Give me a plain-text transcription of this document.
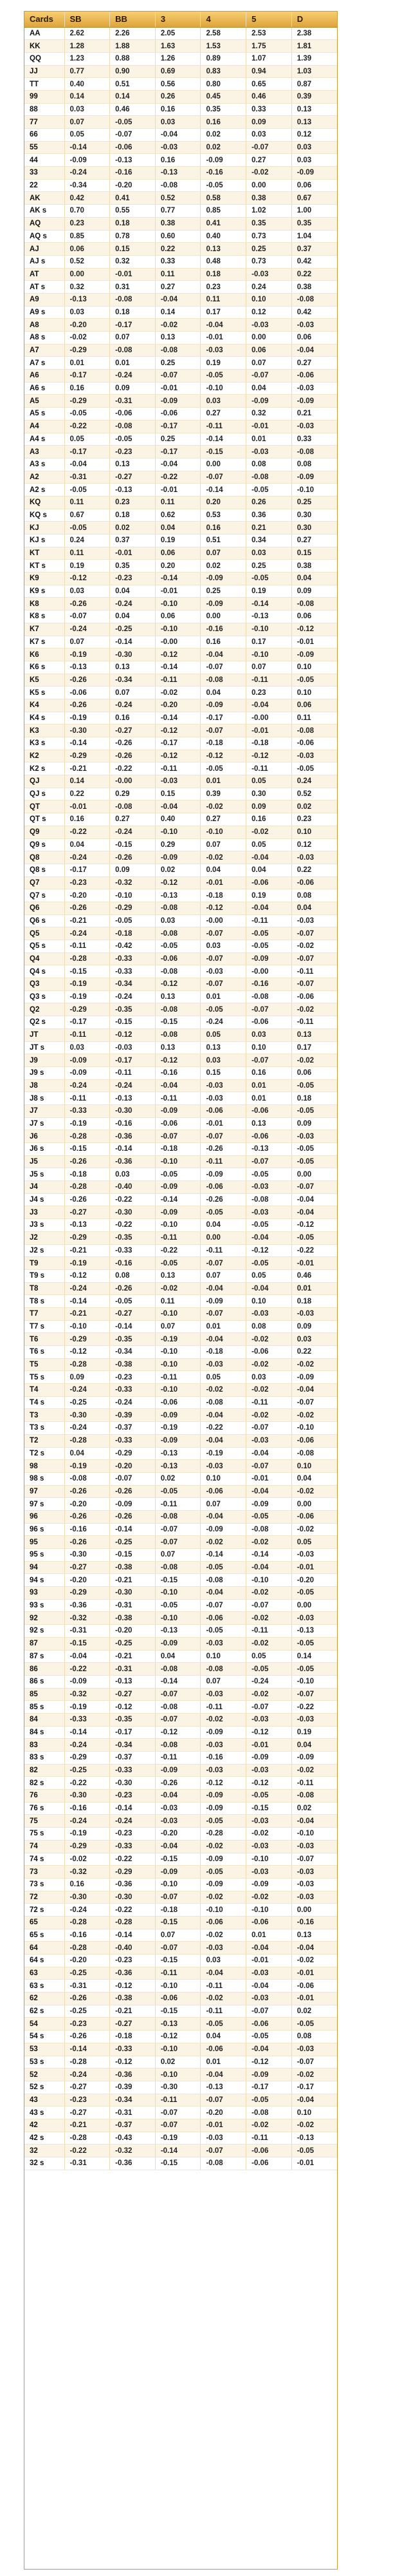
Cards	SB	BB	3	4	5	D
AA	2.62	2.26	2.05	2.58	2.53	2.38
KK	1.28	1.88	1.63	1.53	1.75	1.81
QQ	1.23	0.88	1.26	0.89	1.07	1.39
JJ	0.77	0.90	0.69	0.83	0.94	1.03
TT	0.40	0.51	0.56	0.80	0.65	0.87
99	0.14	0.14	0.26	0.45	0.46	0.39
88	0.03	0.46	0.16	0.35	0.33	0.13
77	0.07	-0.05	0.03	0.16	0.09	0.13
66	0.05	-0.07	-0.04	0.02	0.03	0.12
55	-0.14	-0.06	-0.03	0.02	-0.07	0.03
44	-0.09	-0.13	0.16	-0.09	0.27	0.03
33	-0.24	-0.16	-0.13	-0.16	-0.02	-0.09
22	-0.34	-0.20	-0.08	-0.05	0.00	0.06
AK	0.42	0.41	0.52	0.58	0.38	0.67
AK s	0.70	0.55	0.77	0.85	1.02	1.00
AQ	0.23	0.18	0.38	0.41	0.35	0.35
AQ s	0.85	0.78	0.60	0.40	0.73	1.04
AJ	0.06	0.15	0.22	0.13	0.25	0.37
AJ s	0.52	0.32	0.33	0.48	0.73	0.42
AT	0.00	-0.01	0.11	0.18	-0.03	0.22
AT s	0.32	0.31	0.27	0.23	0.24	0.38
A9	-0.13	-0.08	-0.04	0.11	0.10	-0.08
A9 s	0.03	0.18	0.14	0.17	0.12	0.42
A8	-0.20	-0.17	-0.02	-0.04	-0.03	-0.03
A8 s	-0.02	0.07	0.13	-0.01	0.00	0.06
A7	-0.29	-0.08	-0.08	-0.03	0.06	-0.04
A7 s	0.01	0.01	0.25	0.19	0.07	0.27
A6	-0.17	-0.24	-0.07	-0.05	-0.07	-0.06
A6 s	0.16	0.09	-0.01	-0.10	0.04	-0.03
A5	-0.29	-0.31	-0.09	0.03	-0.09	-0.09
A5 s	-0.05	-0.06	-0.06	0.27	0.32	0.21
A4	-0.22	-0.08	-0.17	-0.11	-0.01	-0.03
A4 s	0.05	-0.05	0.25	-0.14	0.01	0.33
A3	-0.17	-0.23	-0.17	-0.15	-0.03	-0.08
A3 s	-0.04	0.13	-0.04	0.00	0.08	0.08
A2	-0.31	-0.27	-0.22	-0.07	-0.08	-0.09
A2 s	-0.05	-0.13	-0.01	-0.14	-0.05	-0.10
KQ	0.11	0.23	0.11	0.20	0.26	0.25
KQ s	0.67	0.18	0.62	0.53	0.36	0.30
KJ	-0.05	0.02	0.04	0.16	0.21	0.30
KJ s	0.24	0.37	0.19	0.51	0.34	0.27
KT	0.11	-0.01	0.06	0.07	0.03	0.15
KT s	0.19	0.35	0.20	0.02	0.25	0.38
K9	-0.12	-0.23	-0.14	-0.09	-0.05	0.04
K9 s	0.03	0.04	-0.01	0.25	0.19	0.09
K8	-0.26	-0.24	-0.10	-0.09	-0.14	-0.08
K8 s	-0.07	0.04	0.06	0.00	-0.13	0.06
K7	-0.24	-0.25	-0.10	-0.16	-0.10	-0.12
K7 s	0.07	-0.14	-0.00	0.16	0.17	-0.01
K6	-0.19	-0.30	-0.12	-0.04	-0.10	-0.09
K6 s	-0.13	0.13	-0.14	-0.07	0.07	0.10
K5	-0.26	-0.34	-0.11	-0.08	-0.11	-0.05
K5 s	-0.06	0.07	-0.02	0.04	0.23	0.10
K4	-0.26	-0.24	-0.20	-0.09	-0.04	0.06
K4 s	-0.19	0.16	-0.14	-0.17	-0.00	0.11
K3	-0.30	-0.27	-0.12	-0.07	-0.01	-0.08
K3 s	-0.14	-0.26	-0.17	-0.18	-0.18	-0.06
K2	-0.29	-0.26	-0.12	-0.12	-0.12	-0.03
K2 s	-0.21	-0.22	-0.11	-0.05	-0.11	-0.05
QJ	0.14	-0.00	-0.03	0.01	0.05	0.24
QJ s	0.22	0.29	0.15	0.39	0.30	0.52
QT	-0.01	-0.08	-0.04	-0.02	0.09	0.02
QT s	0.16	0.27	0.40	0.27	0.16	0.23
Q9	-0.22	-0.24	-0.10	-0.10	-0.02	0.10
Q9 s	0.04	-0.15	0.29	0.07	0.05	0.12
Q8	-0.24	-0.26	-0.09	-0.02	-0.04	-0.03
Q8 s	-0.17	0.09	0.02	0.04	0.04	0.22
Q7	-0.23	-0.32	-0.12	-0.01	-0.06	-0.06
Q7 s	-0.20	-0.10	-0.13	-0.18	0.19	0.08
Q6	-0.26	-0.29	-0.08	-0.12	-0.04	0.04
Q6 s	-0.21	-0.05	0.03	-0.00	-0.11	-0.03
Q5	-0.24	-0.18	-0.08	-0.07	-0.05	-0.07
Q5 s	-0.11	-0.42	-0.05	0.03	-0.05	-0.02
Q4	-0.28	-0.33	-0.06	-0.07	-0.09	-0.07
Q4 s	-0.15	-0.33	-0.08	-0.03	-0.00	-0.11
Q3	-0.19	-0.34	-0.12	-0.07	-0.16	-0.07
Q3 s	-0.19	-0.24	0.13	0.01	-0.08	-0.06
Q2	-0.29	-0.35	-0.08	-0.05	-0.07	-0.02
Q2 s	-0.17	-0.15	-0.15	-0.24	-0.06	-0.11
JT	-0.11	-0.12	-0.08	0.05	0.03	0.13
JT s	0.03	-0.03	0.13	0.13	0.10	0.17
J9	-0.09	-0.17	-0.12	0.03	-0.07	-0.02
J9 s	-0.09	-0.11	-0.16	0.15	0.16	0.06
J8	-0.24	-0.24	-0.04	-0.03	0.01	-0.05
J8 s	-0.11	-0.13	-0.11	-0.03	0.01	0.18
J7	-0.33	-0.30	-0.09	-0.06	-0.06	-0.05
J7 s	-0.19	-0.16	-0.06	-0.01	0.13	0.09
J6	-0.28	-0.36	-0.07	-0.07	-0.06	-0.03
J6 s	-0.15	-0.14	-0.18	-0.26	-0.13	-0.05
J5	-0.26	-0.36	-0.10	-0.11	-0.07	-0.05
J5 s	-0.18	0.03	-0.05	-0.09	-0.05	0.00
J4	-0.28	-0.40	-0.09	-0.06	-0.03	-0.07
J4 s	-0.26	-0.22	-0.14	-0.26	-0.08	-0.04
J3	-0.27	-0.30	-0.09	-0.05	-0.03	-0.04
J3 s	-0.13	-0.22	-0.10	0.04	-0.05	-0.12
J2	-0.29	-0.35	-0.11	0.00	-0.04	-0.05
J2 s	-0.21	-0.33	-0.22	-0.11	-0.12	-0.22
T9	-0.19	-0.16	-0.05	-0.07	-0.05	-0.01
T9 s	-0.12	0.08	0.13	0.07	0.05	0.46
T8	-0.24	-0.26	-0.02	-0.04	-0.04	0.01
T8 s	-0.14	-0.05	0.11	-0.09	0.10	0.18
T7	-0.21	-0.27	-0.10	-0.07	-0.03	-0.03
T7 s	-0.10	-0.14	0.07	0.01	0.08	0.09
T6	-0.29	-0.35	-0.19	-0.04	-0.02	0.03
T6 s	-0.12	-0.34	-0.10	-0.18	-0.06	0.22
T5	-0.28	-0.38	-0.10	-0.03	-0.02	-0.02
T5 s	0.09	-0.23	-0.11	0.05	0.03	-0.09
T4	-0.24	-0.33	-0.10	-0.02	-0.02	-0.04
T4 s	-0.25	-0.24	-0.06	-0.08	-0.11	-0.07
T3	-0.30	-0.39	-0.09	-0.04	-0.02	-0.02
T3 s	-0.24	-0.37	-0.19	-0.22	-0.07	-0.10
T2	-0.28	-0.33	-0.09	-0.04	-0.03	-0.06
T2 s	0.04	-0.29	-0.13	-0.19	-0.04	-0.08
98	-0.19	-0.20	-0.13	-0.03	-0.07	0.10
98 s	-0.08	-0.07	0.02	0.10	-0.01	0.04
97	-0.26	-0.26	-0.05	-0.06	-0.04	-0.02
97 s	-0.20	-0.09	-0.11	0.07	-0.09	0.00
96	-0.26	-0.26	-0.08	-0.04	-0.05	-0.06
96 s	-0.16	-0.14	-0.07	-0.09	-0.08	-0.02
95	-0.26	-0.25	-0.07	-0.02	-0.02	0.05
95 s	-0.30	-0.15	0.07	-0.14	-0.14	-0.03
94	-0.27	-0.38	-0.08	-0.05	-0.04	-0.01
94 s	-0.20	-0.21	-0.15	-0.08	-0.10	-0.20
93	-0.29	-0.30	-0.10	-0.04	-0.02	-0.05
93 s	-0.36	-0.31	-0.05	-0.07	-0.07	0.00
92	-0.32	-0.38	-0.10	-0.06	-0.02	-0.03
92 s	-0.31	-0.20	-0.13	-0.05	-0.11	-0.13
87	-0.15	-0.25	-0.09	-0.03	-0.02	-0.05
87 s	-0.04	-0.21	0.04	0.10	0.05	0.14
86	-0.22	-0.31	-0.08	-0.08	-0.05	-0.05
86 s	-0.09	-0.13	-0.14	0.07	-0.24	-0.10
85	-0.32	-0.27	-0.07	-0.03	-0.02	-0.07
85 s	-0.19	-0.12	-0.08	-0.11	-0.07	-0.22
84	-0.33	-0.35	-0.07	-0.02	-0.03	-0.03
84 s	-0.14	-0.17	-0.12	-0.09	-0.12	0.19
83	-0.24	-0.34	-0.08	-0.03	-0.01	0.04
83 s	-0.29	-0.37	-0.11	-0.16	-0.09	-0.09
82	-0.25	-0.33	-0.09	-0.03	-0.03	-0.02
82 s	-0.22	-0.30	-0.26	-0.12	-0.12	-0.11
76	-0.30	-0.23	-0.04	-0.09	-0.05	-0.08
76 s	-0.16	-0.14	-0.03	-0.09	-0.15	0.02
75	-0.24	-0.24	-0.03	-0.05	-0.03	-0.04
75 s	-0.19	-0.23	-0.20	-0.28	-0.02	-0.10
74	-0.29	-0.33	-0.04	-0.02	-0.03	-0.03
74 s	-0.02	-0.22	-0.15	-0.09	-0.10	-0.07
73	-0.32	-0.29	-0.09	-0.05	-0.03	-0.03
73 s	0.16	-0.36	-0.10	-0.09	-0.09	-0.03
72	-0.30	-0.30	-0.07	-0.02	-0.02	-0.03
72 s	-0.24	-0.22	-0.18	-0.10	-0.10	0.00
65	-0.28	-0.28	-0.15	-0.06	-0.06	-0.16
65 s	-0.16	-0.14	0.07	-0.02	0.01	0.13
64	-0.28	-0.40	-0.07	-0.03	-0.04	-0.04
64 s	-0.20	-0.23	-0.15	0.03	-0.01	-0.02
63	-0.25	-0.36	-0.11	-0.04	-0.03	-0.01
63 s	-0.31	-0.12	-0.10	-0.11	-0.04	-0.06
62	-0.26	-0.38	-0.06	-0.02	-0.03	-0.01
62 s	-0.25	-0.21	-0.15	-0.11	-0.07	0.02
54	-0.23	-0.27	-0.13	-0.05	-0.06	-0.05
54 s	-0.26	-0.18	-0.12	0.04	-0.05	0.08
53	-0.14	-0.33	-0.10	-0.06	-0.04	-0.03
53 s	-0.28	-0.12	0.02	0.01	-0.12	-0.07
52	-0.24	-0.36	-0.10	-0.04	-0.09	-0.02
52 s	-0.27	-0.39	-0.30	-0.13	-0.17	-0.17
43	-0.23	-0.34	-0.11	-0.07	-0.05	-0.04
43 s	-0.27	-0.31	-0.07	-0.20	-0.08	0.10
42	-0.21	-0.37	-0.07	-0.01	-0.02	-0.02
42 s	-0.28	-0.43	-0.19	-0.03	-0.11	-0.13
32	-0.22	-0.32	-0.14	-0.07	-0.06	-0.05
32 s	-0.31	-0.36	-0.15	-0.08	-0.06	-0.01
